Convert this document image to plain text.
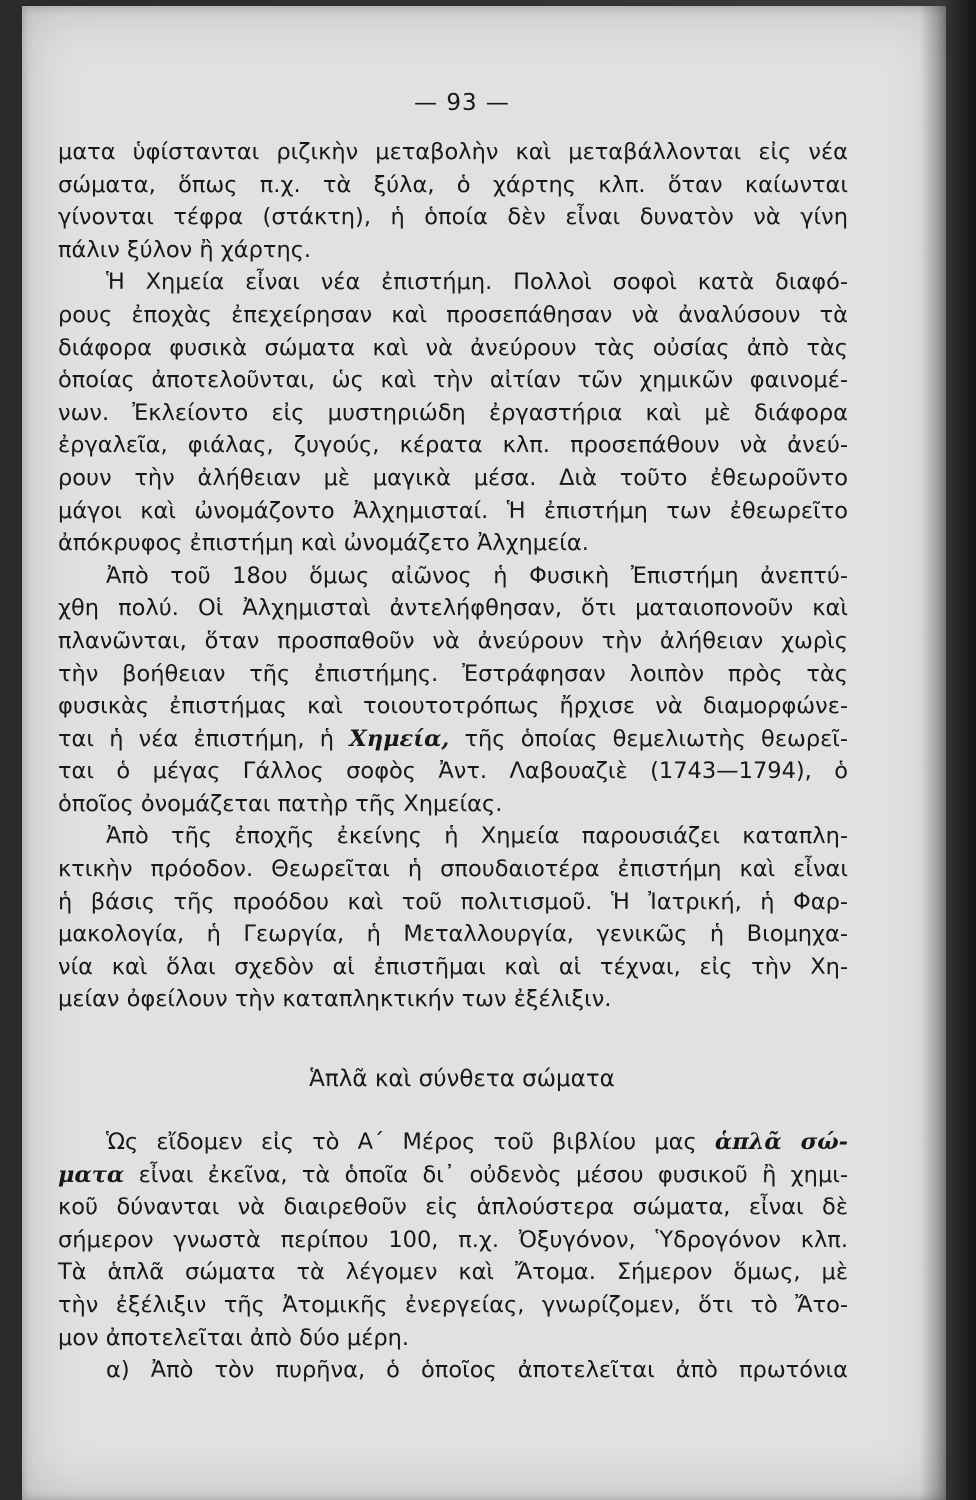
— 93 —
ματα ὑφίστανται ριζικὴν μεταβολὴν καὶ μεταβάλλονται εἰς νέα
σώματα, ὅπως π.χ. τὰ ξύλα, ὁ χάρτης κλπ. ὅταν καίωνται
γίνονται τέφρα (στάκτη), ἡ ὁποία δὲν εἶναι δυνατὸν νὰ γίνη
πάλιν ξύλον ἢ χάρτης.
Ἡ Χημεία εἶναι νέα ἐπιστήμη. Πολλοὶ σοφοὶ κατὰ διαφό-
ρους ἐποχὰς ἐπεχείρησαν καὶ προσεπάθησαν νὰ ἀναλύσουν τὰ
διάφορα φυσικὰ σώματα καὶ νὰ ἀνεύρουν τὰς οὐσίας ἀπὸ τὰς
ὁποίας ἀποτελοῦνται, ὡς καὶ τὴν αἰτίαν τῶν χημικῶν φαινομέ-
νων. Ἐκλείοντο εἰς μυστηριώδη ἐργαστήρια καὶ μὲ διάφορα
ἐργαλεῖα, φιάλας, ζυγούς, κέρατα κλπ. προσεπάθουν νὰ ἀνεύ-
ρουν τὴν ἀλήθειαν μὲ μαγικὰ μέσα. Διὰ τοῦτο ἐθεωροῦντο
μάγοι καὶ ὠνομάζοντο Ἀλχημισταί. Ἡ ἐπιστήμη των ἐθεωρεῖτο
ἀπόκρυφος ἐπιστήμη καὶ ὠνομάζετο Ἀλχημεία.
Ἀπὸ τοῦ 18ου ὅμως αἰῶνος ἡ Φυσικὴ Ἐπιστήμη ἀνεπτύ-
χθη πολύ. Οἱ Ἀλχημισταὶ ἀντελήφθησαν, ὅτι ματαιοπονοῦν καὶ
πλανῶνται, ὅταν προσπαθοῦν νὰ ἀνεύρουν τὴν ἀλήθειαν χωρὶς
τὴν βοήθειαν τῆς ἐπιστήμης. Ἐστράφησαν λοιπὸν πρὸς τὰς
φυσικὰς ἐπιστήμας καὶ τοιουτοτρόπως ἤρχισε νὰ διαμορφώνε-
ται ἡ νέα ἐπιστήμη, ἡ Χημεία, τῆς ὁποίας θεμελιωτὴς θεωρεῖ-
ται ὁ μέγας Γάλλος σοφὸς Ἀντ. Λαβουαζιὲ (1743—1794), ὁ
ὁποῖος ὀνομάζεται πατὴρ τῆς Χημείας.
Ἀπὸ τῆς ἐποχῆς ἐκείνης ἡ Χημεία παρουσιάζει καταπλη-
κτικὴν πρόοδον. Θεωρεῖται ἡ σπουδαιοτέρα ἐπιστήμη καὶ εἶναι
ἡ βάσις τῆς προόδου καὶ τοῦ πολιτισμοῦ. Ἡ Ἰατρική, ἡ Φαρ-
μακολογία, ἡ Γεωργία, ἡ Μεταλλουργία, γενικῶς ἡ Βιομηχα-
νία καὶ ὅλαι σχεδὸν αἱ ἐπιστῆμαι καὶ αἱ τέχναι, εἰς τὴν Χη-
μείαν ὀφείλουν τὴν καταπληκτικήν των ἐξέλιξιν.
Ἁπλᾶ καὶ σύνθετα σώματα
Ὡς εἴδομεν εἰς τὸ Α΄ Μέρος τοῦ βιβλίου μας ἁπλᾶ σώ-
ματα εἶναι ἐκεῖνα, τὰ ὁποῖα δι᾽ οὐδενὸς μέσου φυσικοῦ ἢ χημι-
κοῦ δύνανται νὰ διαιρεθοῦν εἰς ἁπλούστερα σώματα, εἶναι δὲ
σήμερον γνωστὰ περίπου 100, π.χ. Ὀξυγόνον, Ὑδρογόνον κλπ.
Τὰ ἁπλᾶ σώματα τὰ λέγομεν καὶ Ἄτομα. Σήμερον ὅμως, μὲ
τὴν ἐξέλιξιν τῆς Ἀτομικῆς ἐνεργείας, γνωρίζομεν, ὅτι τὸ Ἄτο-
μον ἀποτελεῖται ἀπὸ δύο μέρη.
α) Ἀπὸ τὸν πυρῆνα, ὁ ὁποῖος ἀποτελεῖται ἀπὸ πρωτόνια
